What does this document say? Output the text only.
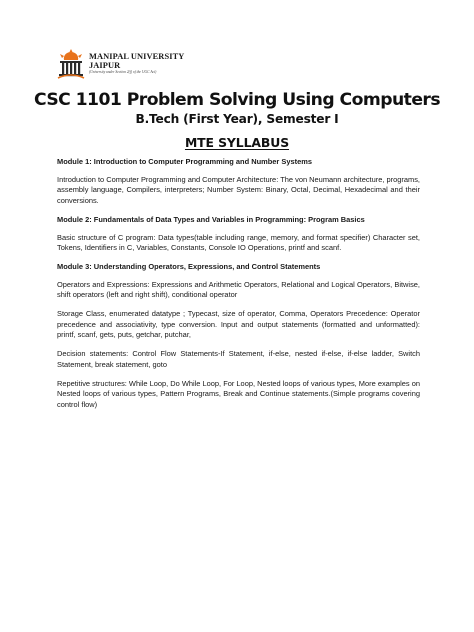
MANIPAL UNIVERSITY
JAIPUR
(University under Section 2(f) of the UGC Act)
CSC 1101 Problem Solving Using Computers
B.Tech (First Year), Semester I
MTE SYLLABUS
Module 1: Introduction to Computer Programming and Number Systems
Introduction to Computer Programming and Computer Architecture: The von Neumann architecture, programs, assembly language, Compilers, interpreters; Number System: Binary, Octal, Decimal, Hexadecimal and their conversions.
Module 2: Fundamentals of Data Types and Variables in Programming: Program Basics
Basic structure of C program: Data types(table including range, memory, and format specifier) Character set, Tokens, Identifiers in C, Variables, Constants, Console IO Operations, printf and scanf.
Module 3: Understanding Operators, Expressions, and Control Statements
Operators and Expressions: Expressions and Arithmetic Operators, Relational and Logical Operators, Bitwise, shift operators (left and right shift), conditional operator
Storage Class, enumerated datatype ; Typecast, size of operator, Comma, Operators Precedence: Operator precedence and associativity, type conversion. Input and output statements (formatted and unformatted): printf, scanf, gets, puts, getchar, putchar,
Decision statements: Control Flow Statements-If Statement, if-else, nested if-else, if-else ladder, Switch Statement, break statement, goto
Repetitive structures: While Loop, Do While Loop, For Loop, Nested loops of various types, More examples on Nested loops of various types, Pattern Programs, Break and Continue statements.(Simple programs covering control flow)
